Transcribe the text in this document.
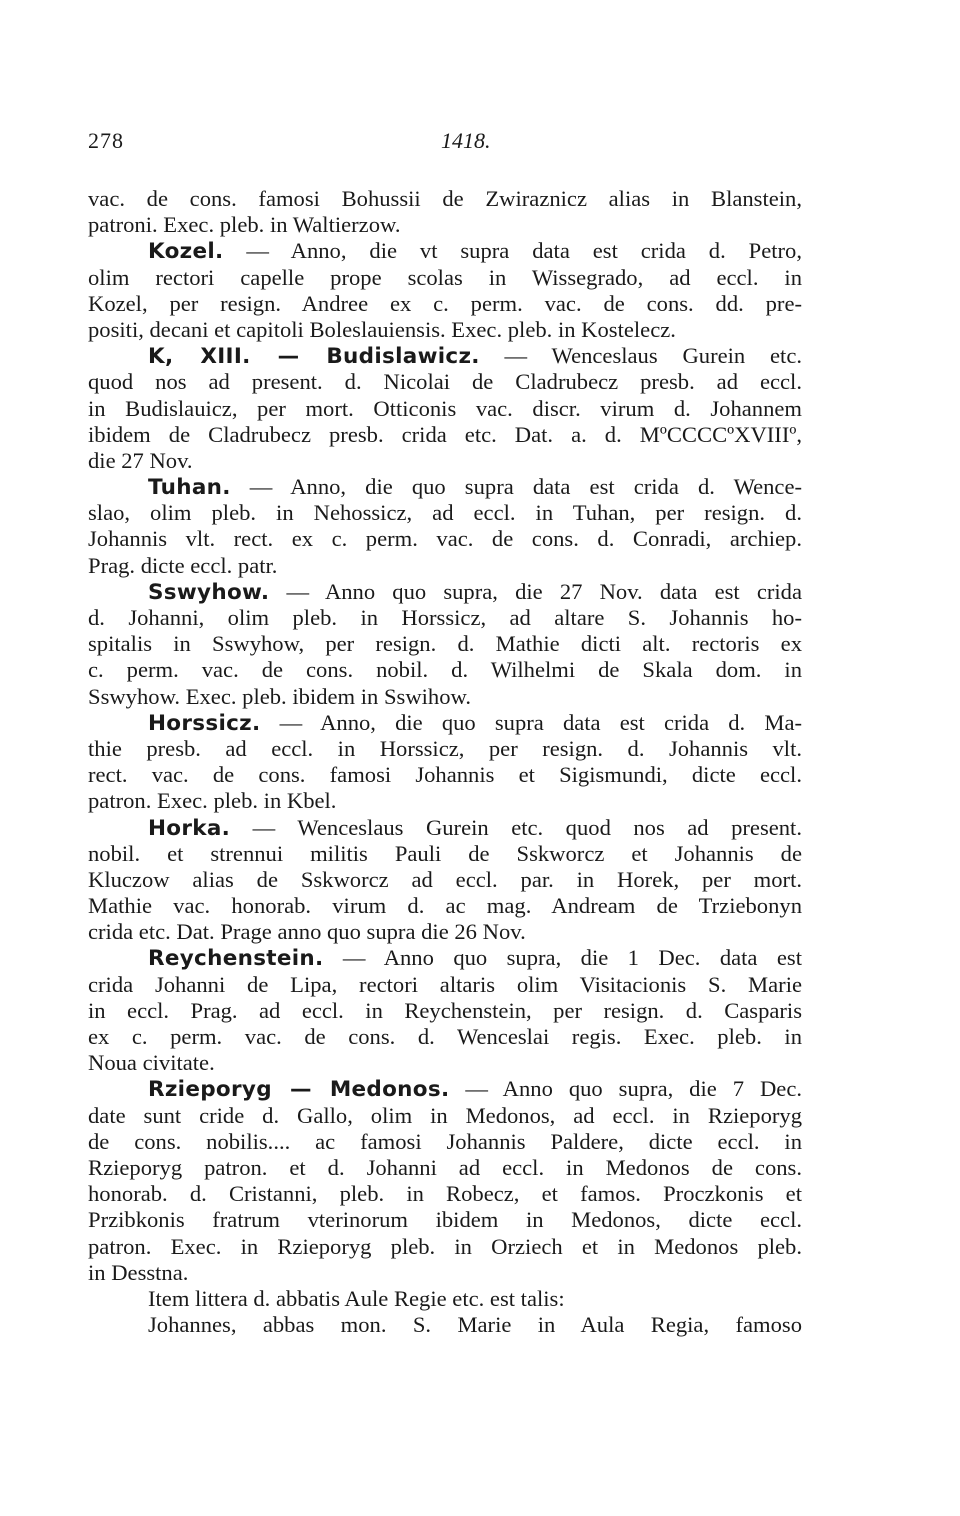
278	1418.
vac. de cons. famosi Bohussii de Zwiraznicz alias in Blanstein,
patroni. Exec. pleb. in Waltierzow.
Kozel. — Anno, die vt supra data est crida d. Petro,
olim rectori capelle prope scolas in Wissegrado, ad eccl. in
Kozel, per resign. Andree ex c. perm. vac. de cons. dd. pre-
positi, decani et capitoli Boleslauiensis. Exec. pleb. in Kostelecz.
K, XIII. — Budislawicz. — Wenceslaus Gurein etc.
quod nos ad present. d. Nicolai de Cladrubecz presb. ad eccl.
in Budislauicz, per mort. Otticonis vac. discr. virum d. Johannem
ibidem de Cladrubecz presb. crida etc. Dat. a. d. MºCCCCºXVIIIº,
die 27 Nov.
Tuhan. — Anno, die quo supra data est crida d. Wence-
slao, olim pleb. in Nehossicz, ad eccl. in Tuhan, per resign. d.
Johannis vlt. rect. ex c. perm. vac. de cons. d. Conradi, archiep.
Prag. dicte eccl. patr.
Sswyhow. — Anno quo supra, die 27 Nov. data est crida
d. Johanni, olim pleb. in Horssicz, ad altare S. Johannis ho-
spitalis in Sswyhow, per resign. d. Mathie dicti alt. rectoris ex
c. perm. vac. de cons. nobil. d. Wilhelmi de Skala dom. in
Sswyhow. Exec. pleb. ibidem in Sswihow.
Horssicz. — Anno, die quo supra data est crida d. Ma-
thie presb. ad eccl. in Horssicz, per resign. d. Johannis vlt.
rect. vac. de cons. famosi Johannis et Sigismundi, dicte eccl.
patron. Exec. pleb. in Kbel.
Horka. — Wenceslaus Gurein etc. quod nos ad present.
nobil. et strennui militis Pauli de Sskworcz et Johannis de
Kluczow alias de Sskworcz ad eccl. par. in Horek, per mort.
Mathie vac. honorab. virum d. ac mag. Andream de Trziebonyn
crida etc. Dat. Prage anno quo supra die 26 Nov.
Reychenstein. — Anno quo supra, die 1 Dec. data est
crida Johanni de Lipa, rectori altaris olim Visitacionis S. Marie
in eccl. Prag. ad eccl. in Reychenstein, per resign. d. Casparis
ex c. perm. vac. de cons. d. Wenceslai regis. Exec. pleb. in
Noua civitate.
Rzieporyg — Medonos. — Anno quo supra, die 7 Dec.
date sunt cride d. Gallo, olim in Medonos, ad eccl. in Rzieporyg
de cons. nobilis.... ac famosi Johannis Paldere, dicte eccl. in
Rzieporyg patron. et d. Johanni ad eccl. in Medonos de cons.
honorab. d. Cristanni, pleb. in Robecz, et famos. Proczkonis et
Przibkonis fratrum vterinorum ibidem in Medonos, dicte eccl.
patron. Exec. in Rzieporyg pleb. in Orziech et in Medonos pleb.
in Desstna.
Item littera d. abbatis Aule Regie etc. est talis:
Johannes, abbas mon. S. Marie in Aula Regia, famoso
